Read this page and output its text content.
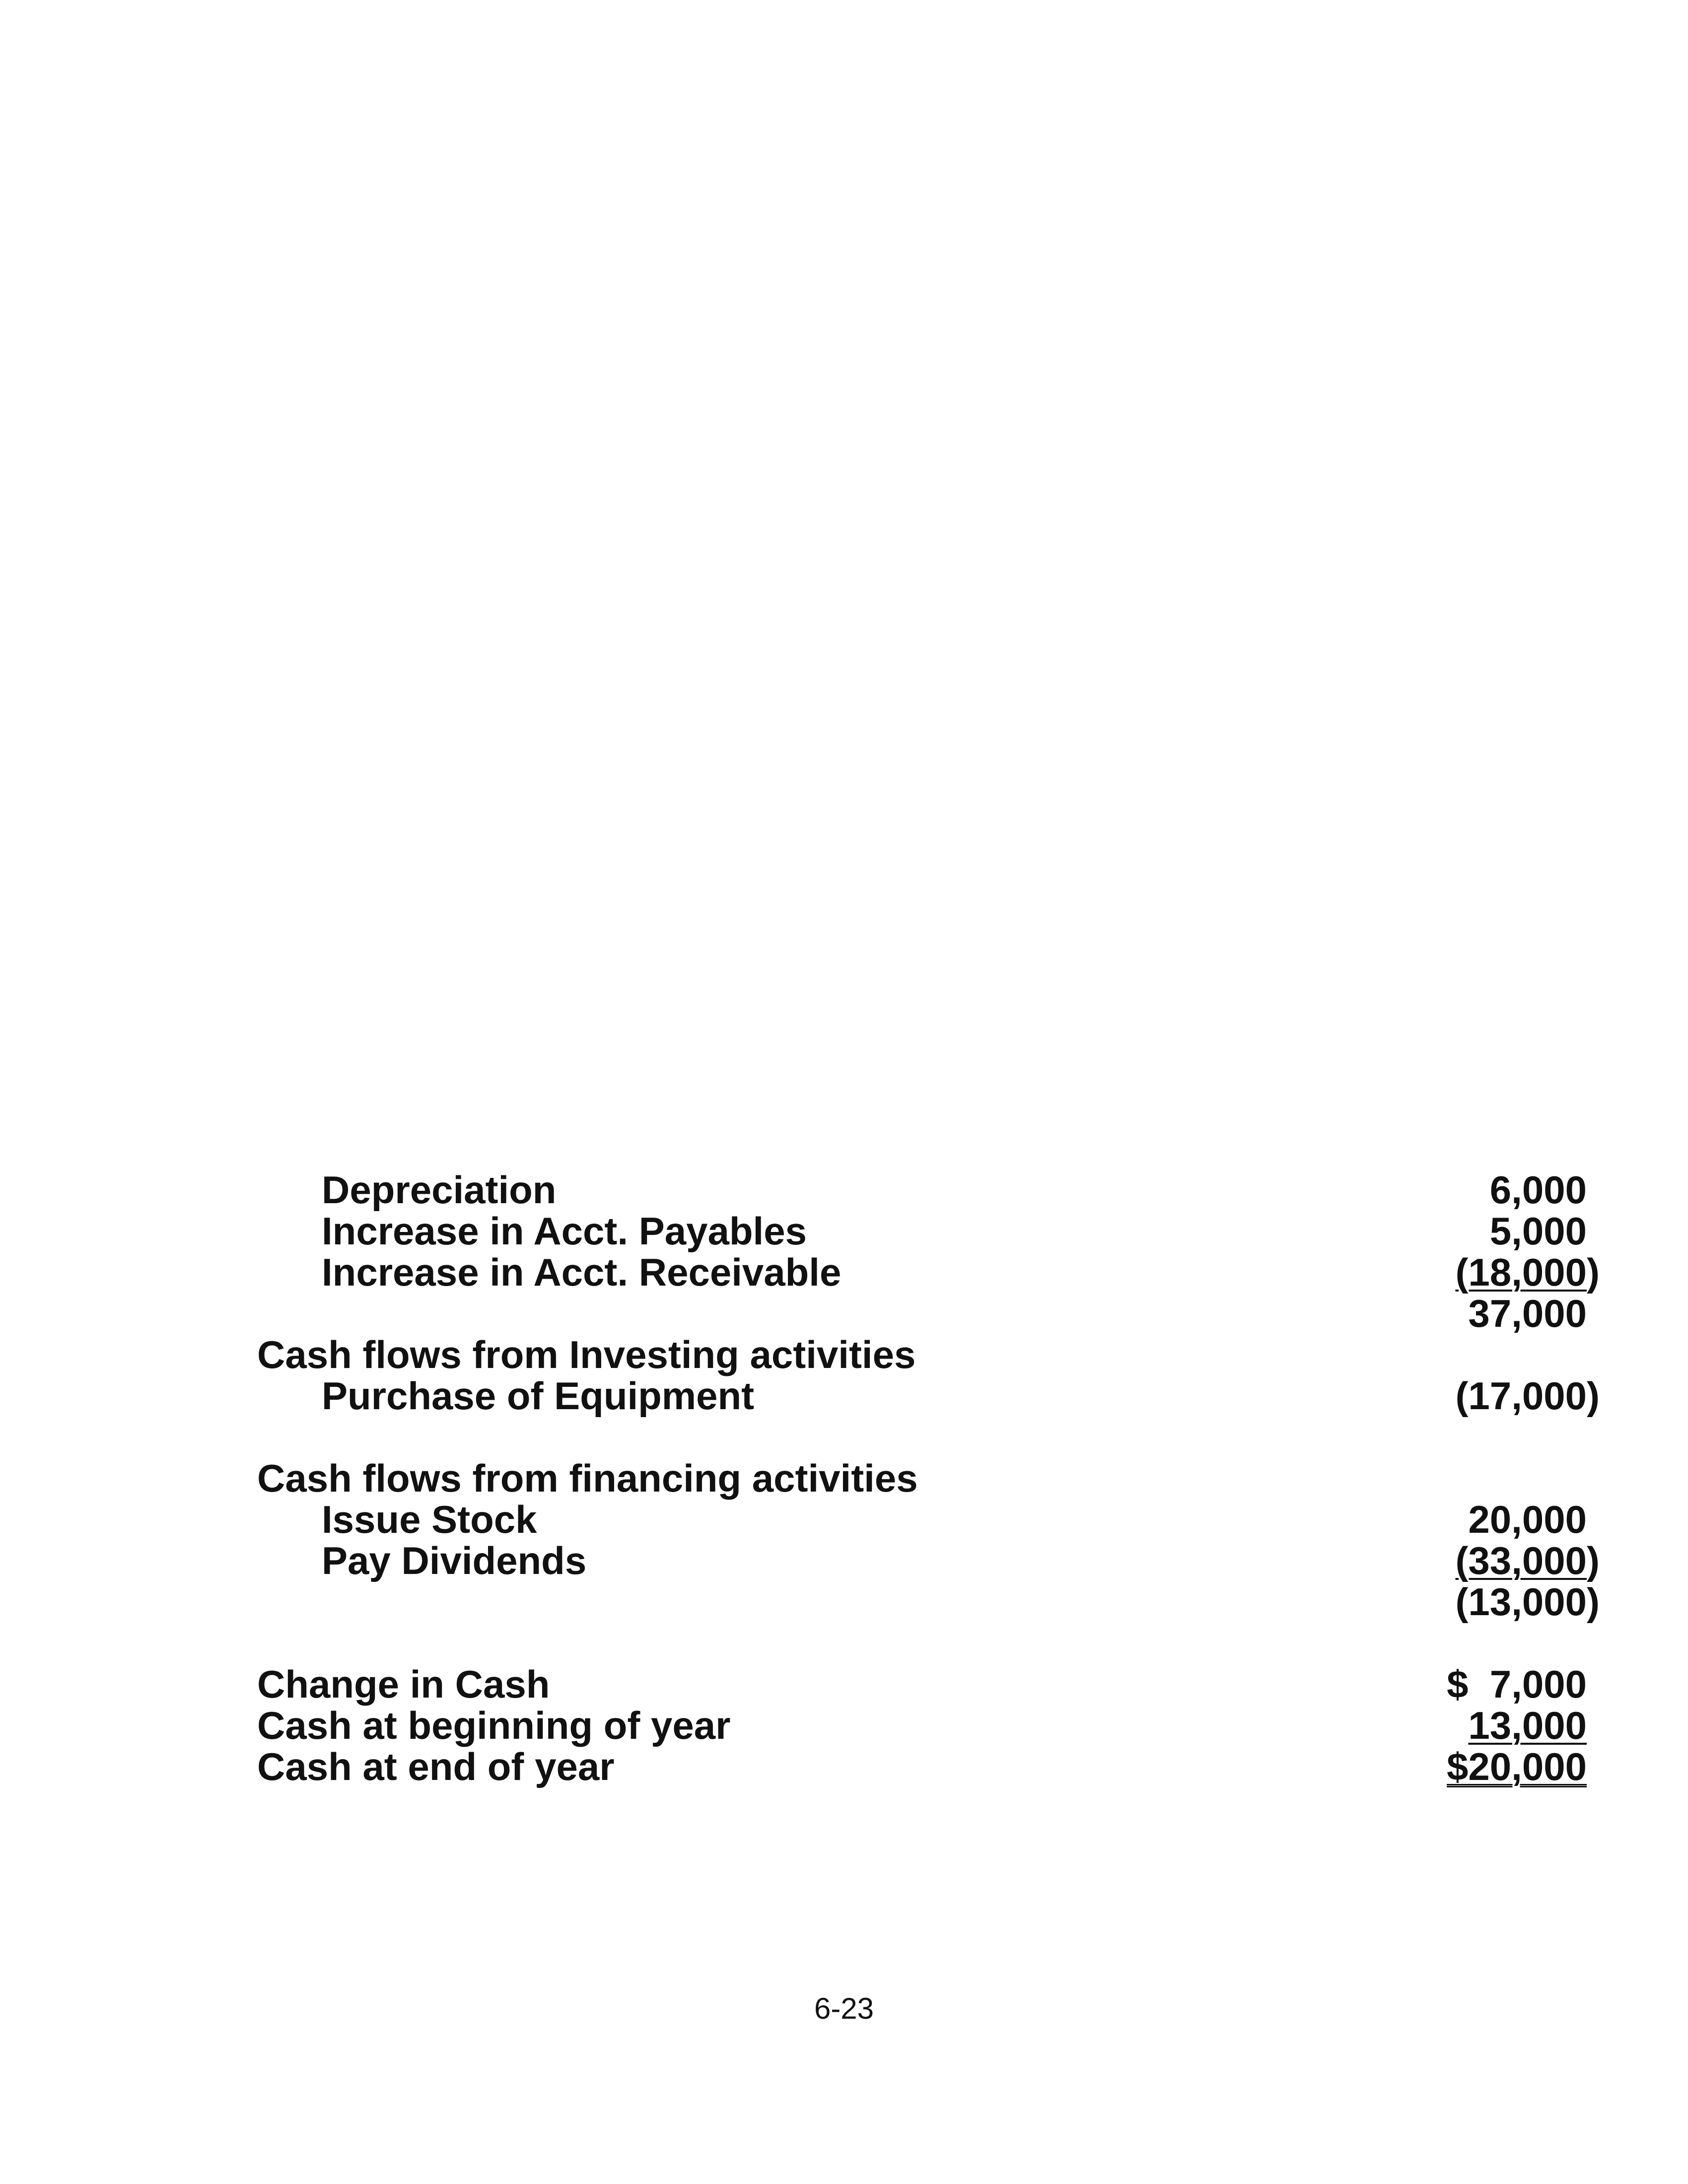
Depreciation	6,000
Increase in Acct. Payables	5,000
Increase in Acct. Receivable	(18,000)
37,000
Cash flows from Investing activities
Purchase of Equipment	(17,000)
Cash flows from financing activities
Issue Stock	20,000
Pay Dividends	(33,000)
(13,000)
Change in Cash	$  7,000
Cash at beginning of year	13,000
Cash at end of year	$20,000
6-23
